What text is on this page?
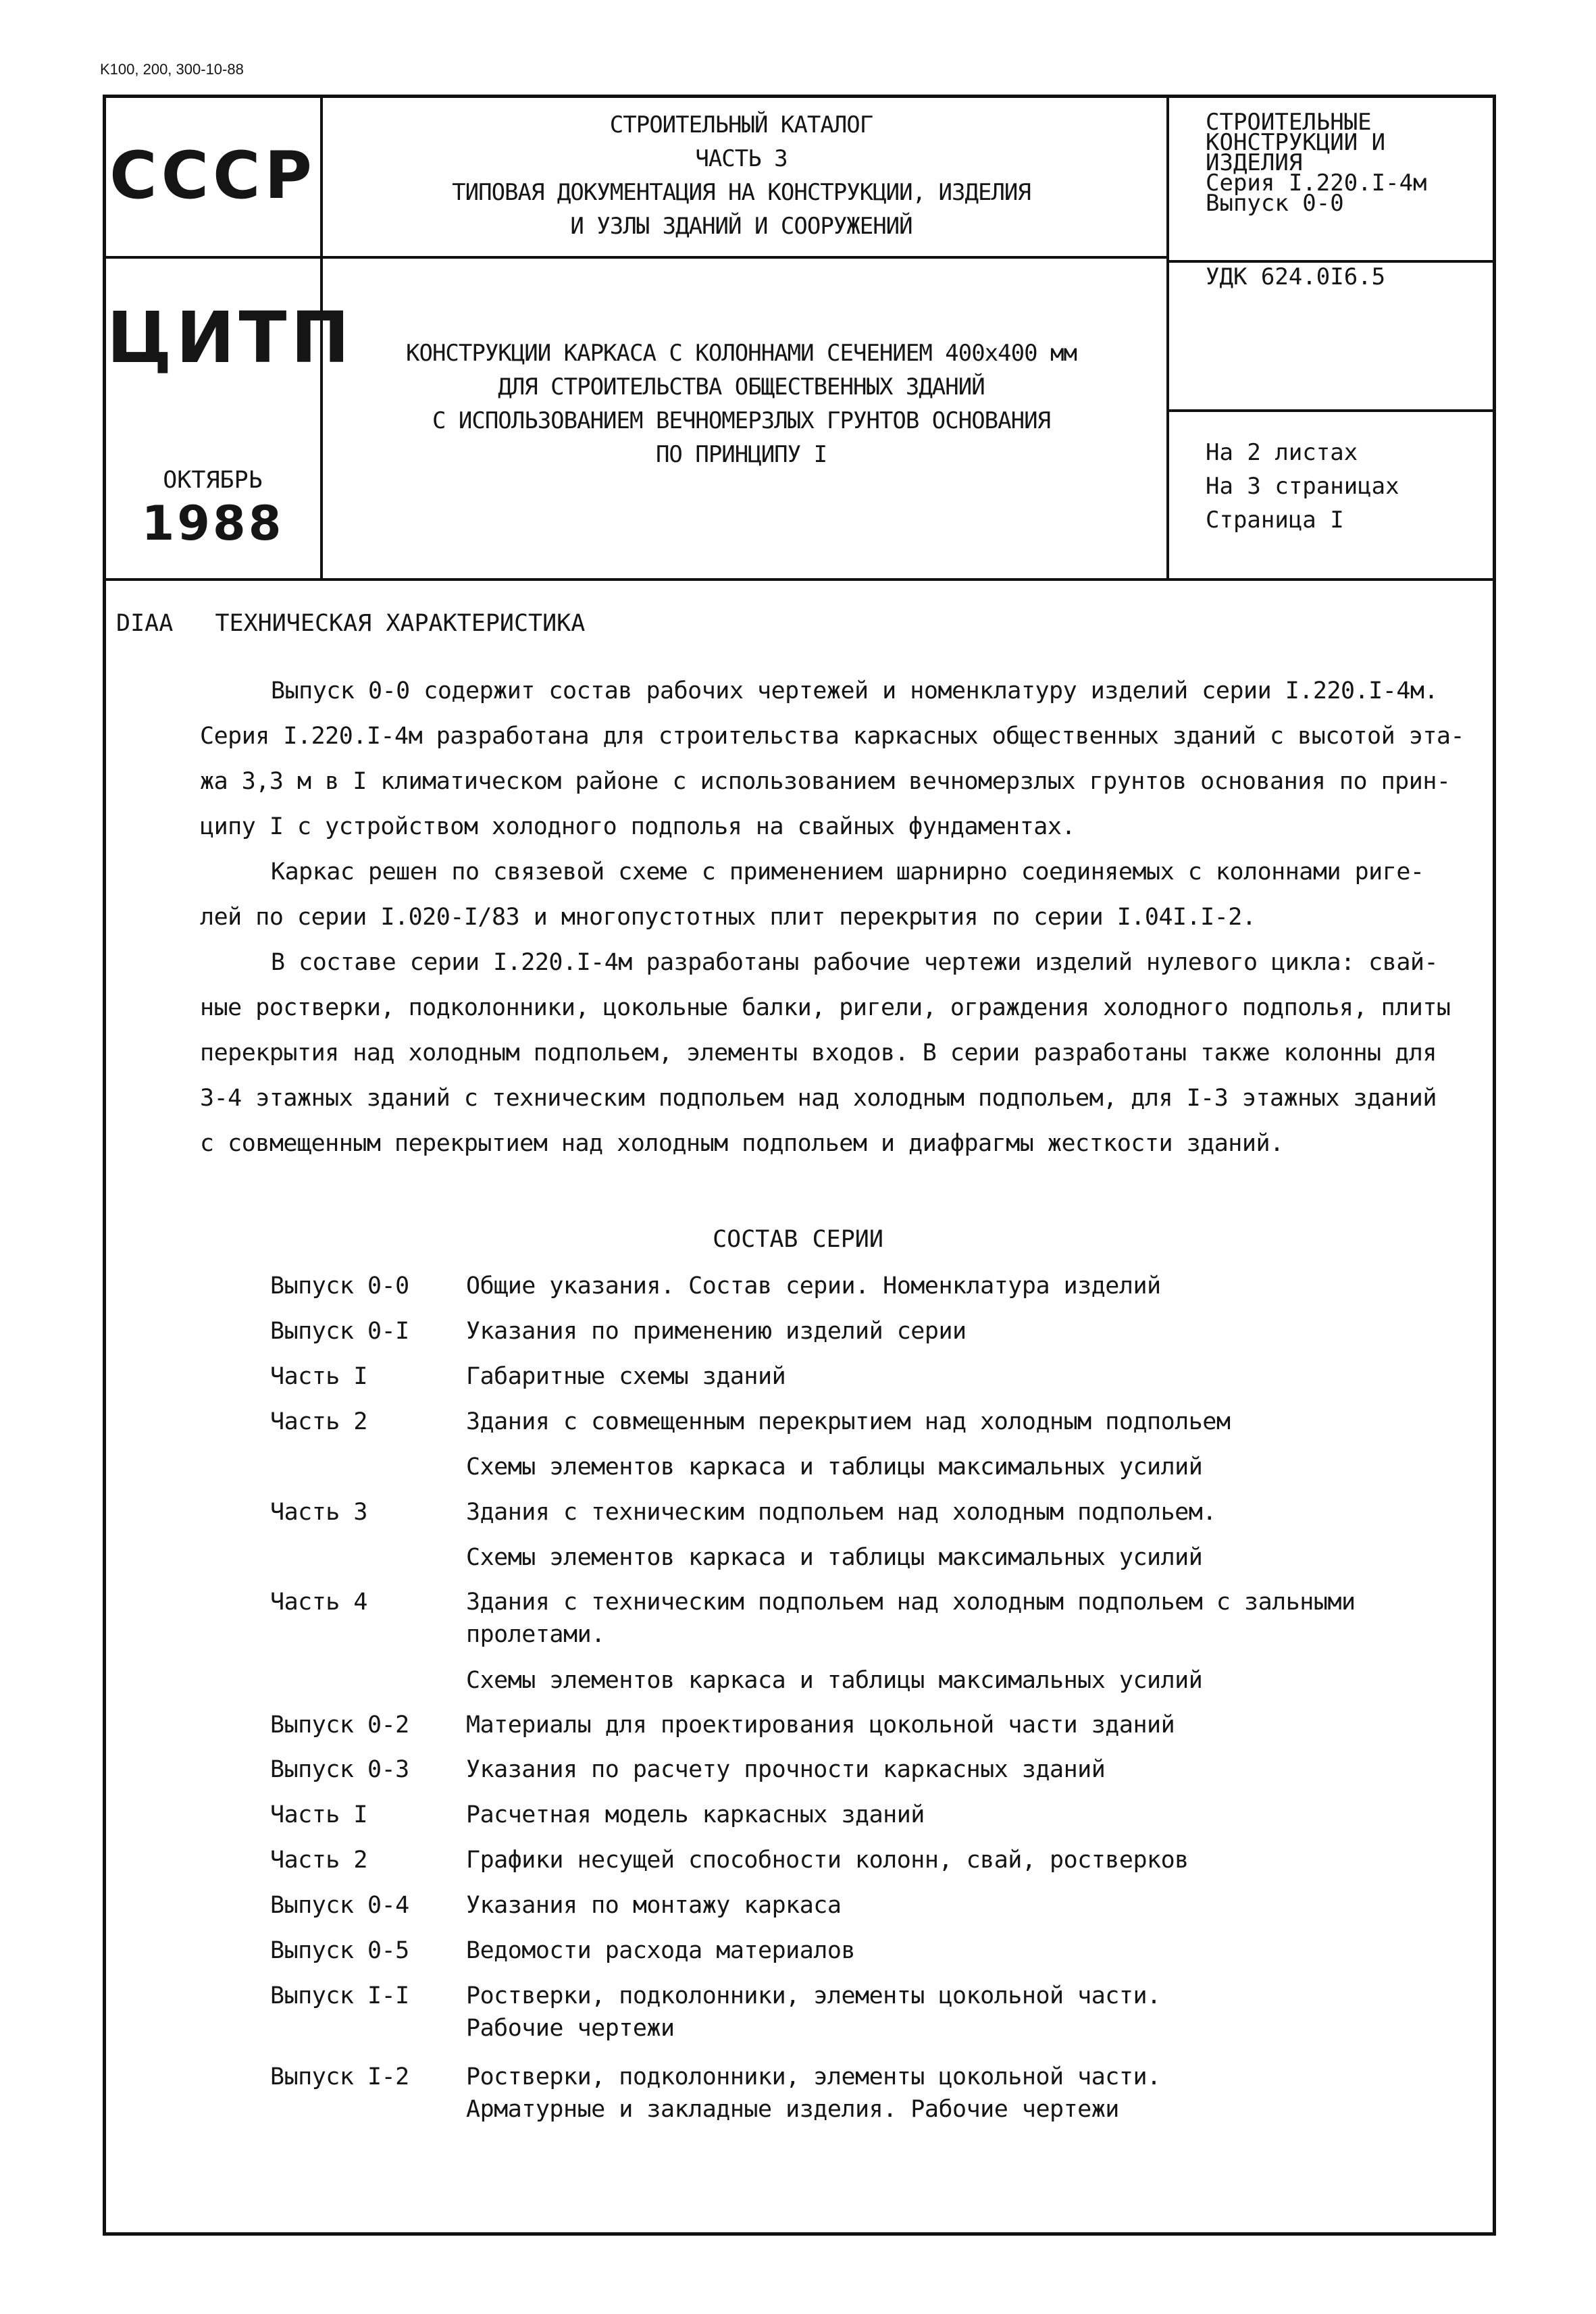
K100, 200, 300-10-88
СССР
ЦИТП
ОКТЯБРЬ
1988
СТРОИТЕЛЬНЫЙ КАТАЛОГ
ЧАСТЬ 3
ТИПОВАЯ ДОКУМЕНТАЦИЯ НА КОНСТРУКЦИИ, ИЗДЕЛИЯ
И УЗЛЫ ЗДАНИЙ И СООРУЖЕНИЙ
КОНСТРУКЦИИ КАРКАСА С КОЛОННАМИ СЕЧЕНИЕМ 400х400 мм
ДЛЯ СТРОИТЕЛЬСТВА ОБЩЕСТВЕННЫХ ЗДАНИЙ
С ИСПОЛЬЗОВАНИЕМ ВЕЧНОМЕРЗЛЫХ ГРУНТОВ ОСНОВАНИЯ
ПО ПРИНЦИПУ I
СТРОИТЕЛЬНЫЕ
КОНСТРУКЦИИ И
ИЗДЕЛИЯ
Серия I.220.I-4м
Выпуск 0-0
УДК 624.0I6.5
На 2 листах
На 3 страницах
Страница I
DIAA ТЕХНИЧЕСКАЯ ХАРАКТЕРИСТИКА
Выпуск 0-0 содержит состав рабочих чертежей и номенклатуру изделий серии I.220.I-4м.
Серия I.220.I-4м разработана для строительства каркасных общественных зданий с высотой эта-
жа 3,3 м в I климатическом районе с использованием вечномерзлых грунтов основания по прин-
ципу I с устройством холодного подполья на свайных фундаментах.
Каркас решен по связевой схеме с применением шарнирно соединяемых с колоннами риге-
лей по серии I.020-I/83 и многопустотных плит перекрытия по серии I.04I.I-2.
В составе серии I.220.I-4м разработаны рабочие чертежи изделий нулевого цикла: свай-
ные ростверки, подколонники, цокольные балки, ригели, ограждения холодного подполья, плиты
перекрытия над холодным подпольем, элементы входов. В серии разработаны также колонны для
3-4 этажных зданий с техническим подпольем над холодным подпольем, для I-3 этажных зданий
с совмещенным перекрытием над холодным подпольем и диафрагмы жесткости зданий.
СОСТАВ СЕРИИ
Выпуск 0-0 Общие указания. Состав серии. Номенклатура изделий
Выпуск 0-I Указания по применению изделий серии
Часть I	Габаритные схемы зданий
Часть 2	Здания с совмещенным перекрытием над холодным подпольем
Схемы элементов каркаса и таблицы максимальных усилий
Часть 3	Здания с техническим подпольем над холодным подпольем.
Схемы элементов каркаса и таблицы максимальных усилий
Часть 4	Здания с техническим подпольем над холодным подпольем с зальными
пролетами.
Схемы элементов каркаса и таблицы максимальных усилий
Выпуск 0-2 Материалы для проектирования цокольной части зданий
Выпуск 0-3 Указания по расчету прочности каркасных зданий
Часть I	Расчетная модель каркасных зданий
Часть 2	Графики несущей способности колонн, свай, ростверков
Выпуск 0-4 Указания по монтажу каркаса
Выпуск 0-5 Ведомости расхода материалов
Выпуск I-I Ростверки, подколонники, элементы цокольной части.
Рабочие чертежи
Выпуск I-2 Ростверки, подколонники, элементы цокольной части.
Арматурные и закладные изделия. Рабочие чертежи
